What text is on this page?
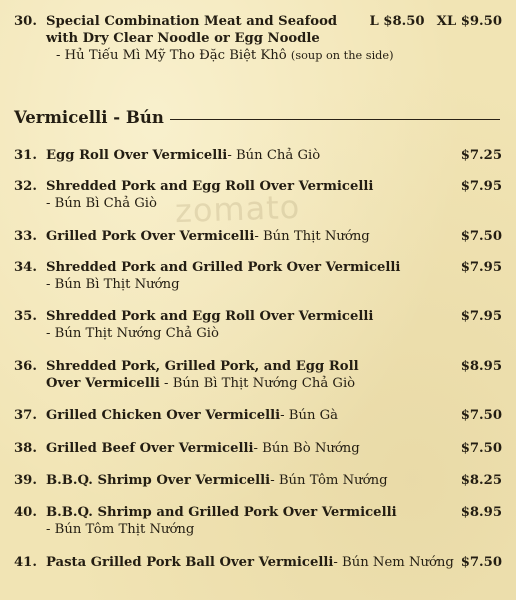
zomato
30. Special Combination Meat and Seafood L $8.50 XL $9.50
with Dry Clear Noodle or Egg Noodle
- Hủ Tiếu Mì Mỹ Tho Đặc Biệt Khô (soup on the side)
Vermicelli - Bún
31. Egg Roll Over Vermicelli - Bún Chả Giò	$7.25
32. Shredded Pork and Egg Roll Over Vermicelli	$7.95
- Bún Bì Chả Giò
33. Grilled Pork Over Vermicelli - Bún Thịt Nướng	$7.50
34. Shredded Pork and Grilled Pork Over Vermicelli	$7.95
- Bún Bì Thịt Nướng
35. Shredded Pork and Egg Roll Over Vermicelli	$7.95
- Bún Thịt Nướng Chả Giò
36. Shredded Pork, Grilled Pork, and Egg Roll	$8.95
Over Vermicelli - Bún Bì Thịt Nướng Chả Giò
37. Grilled Chicken Over Vermicelli - Bún Gà	$7.50
38. Grilled Beef Over Vermicelli - Bún Bò Nướng	$7.50
39. B.B.Q. Shrimp Over Vermicelli - Bún Tôm Nướng	$8.25
40. B.B.Q. Shrimp and Grilled Pork Over Vermicelli	$8.95
- Bún Tôm Thịt Nướng
41. Pasta Grilled Pork Ball Over Vermicelli - Bún Nem Nướng $7.50
